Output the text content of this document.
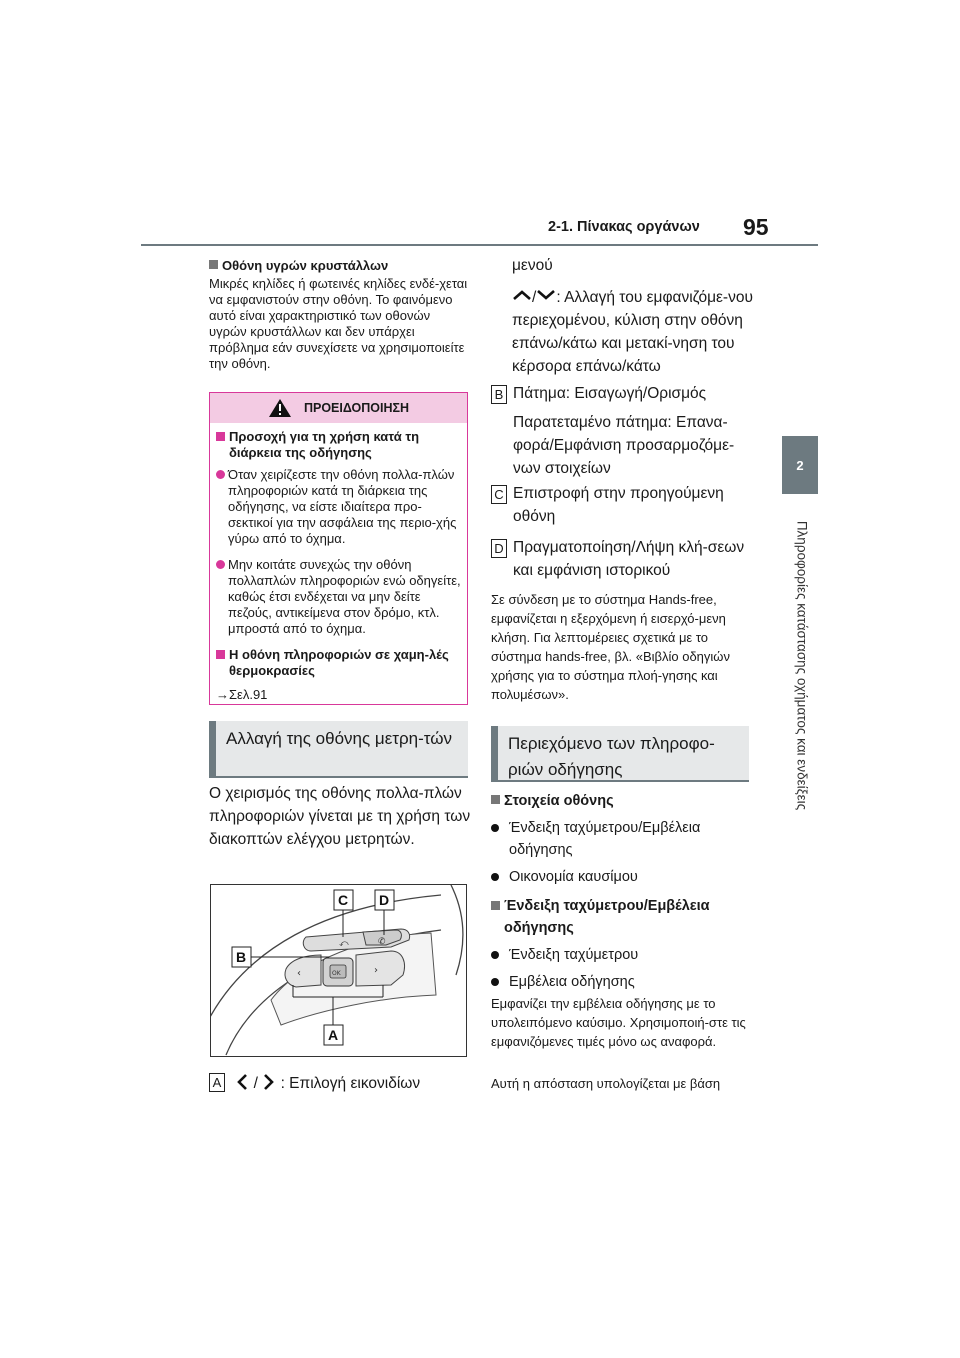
2-1. Πίνακας οργάνων 95
2
Πληροφορίες κατάστασης οχήματος και ενδείξεις
Οθόνη υγρών κρυστάλλων
Μικρές κηλίδες ή φωτεινές κηλίδες ενδέ-χεται να εμφανιστούν στην οθόνη. Το φαινόμενο αυτό είναι χαρακτηριστικό των οθονών υγρών κρυστάλλων και δεν υπάρχει πρόβλημα εάν συνεχίσετε να χρησιμοποιείτε την οθόνη.
ΠΡΟΕΙΔΟΠΟΙΗΣΗ
Προσοχή για τη χρήση κατά τη διάρκεια της οδήγησης
Όταν χειρίζεστε την οθόνη πολλα-πλών πληροφοριών κατά τη διάρκεια της οδήγησης, να είστε ιδιαίτερα προ-σεκτικοί για την ασφάλεια της περιο-χής γύρω από το όχημα.
Μην κοιτάτε συνεχώς την οθόνη πολλαπλών πληροφοριών ενώ οδηγείτε, καθώς έτσι ενδέχεται να μην δείτε πεζούς, αντικείμενα στον δρόμο, κτλ. μπροστά από το όχημα.
Η οθόνη πληροφοριών σε χαμη-λές θερμοκρασίες
→Σελ.91
Αλλαγή της οθόνης μετρη-τών
Ο χειρισμός της οθόνης πολλα-πλών πληροφοριών γίνεται με τη χρήση των διακοπτών ελέγχου μετρητών.
⤺	✆
‹	OK	›
C D
B
A
A / : Επιλογή εικονιδίων
μενού
/ : Αλλαγή του εμφανιζόμε-νου περιεχομένου, κύλιση στην οθόνη επάνω/κάτω και μετακί-νηση του κέρσορα επάνω/κάτω
B Πάτημα: Εισαγωγή/Ορισμός
Παρατεταμένο πάτημα: Επανα-φορά/Εμφάνιση προσαρμοζόμε-νων στοιχείων
C Επιστροφή στην προηγούμενη οθόνη
D Πραγματοποίηση/Λήψη κλή-σεων και εμφάνιση ιστορικού
Σε σύνδεση με το σύστημα Hands-free, εμφανίζεται η εξερχόμενη ή εισερχό-μενη κλήση. Για λεπτομέρειες σχετικά με το σύστημα hands-free, βλ. «Βιβλίο οδηγιών χρήσης για το σύστημα πλοή-γησης και πολυμέσων».
Περιεχόμενο των πληροφο-ριών οδήγησης
Στοιχεία οθόνης
Ένδειξη ταχύμετρου/Εμβέλεια οδήγησης
Οικονομία καυσίμου
Ένδειξη ταχύμετρου/Εμβέλεια οδήγησης
Ένδειξη ταχύμετρου
Εμβέλεια οδήγησης
Εμφανίζει την εμβέλεια οδήγησης με το υπολειπόμενο καύσιμο. Χρησιμοποιή-στε τις εμφανιζόμενες τιμές μόνο ως αναφορά.
Αυτή η απόσταση υπολογίζεται με βάση
